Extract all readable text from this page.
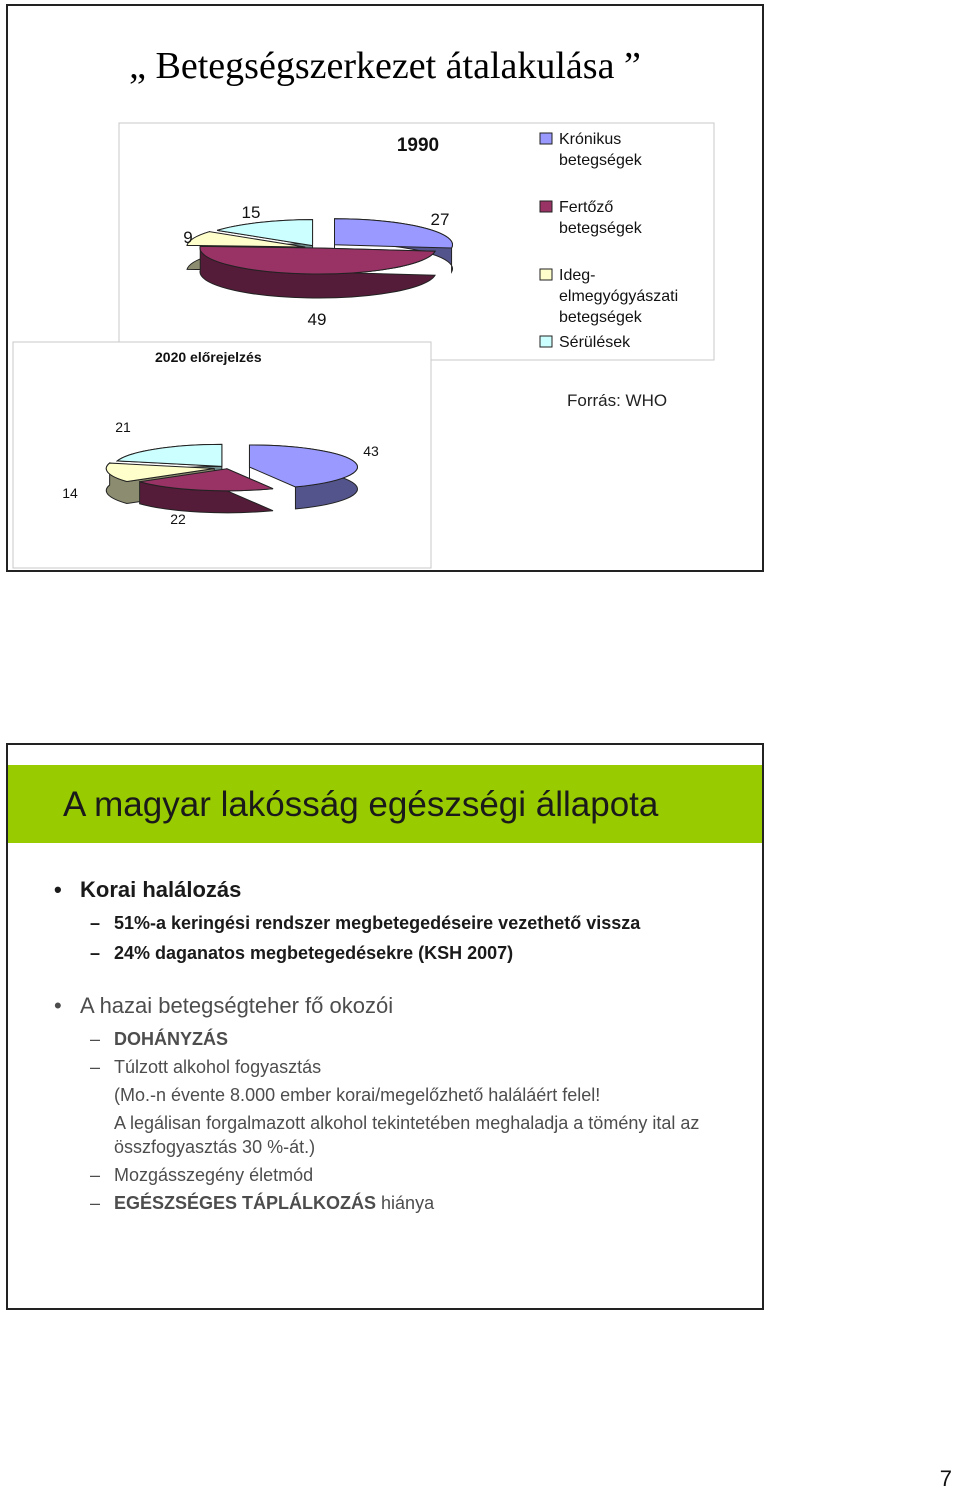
„ Betegségszerkezet átalakulása ”
1990
2020 előrejelzés
27
49
9
15
43
22
14
21
Krónikus
betegségek
Fertőző
betegségek
Ideg-
elmegyógyászati
betegségek
Sérülések
Forrás: WHO
A magyar lakósság egészségi állapota
• Korai halálozás
– 51%-a keringési rendszer megbetegedéseire vezethető vissza
– 24% daganatos megbetegedésekre (KSH 2007)
• A hazai betegségteher fő okozói
– DOHÁNYZÁS
– Túlzott alkohol fogyasztás
(Mo.-n évente 8.000 ember korai/megelőzhető haláláért felel!
A legálisan forgalmazott alkohol tekintetében meghaladja a tömény ital az összfogyasztás 30 %-át.)
– Mozgásszegény életmód
– EGÉSZSÉGES TÁPLÁLKOZÁS hiánya
7
